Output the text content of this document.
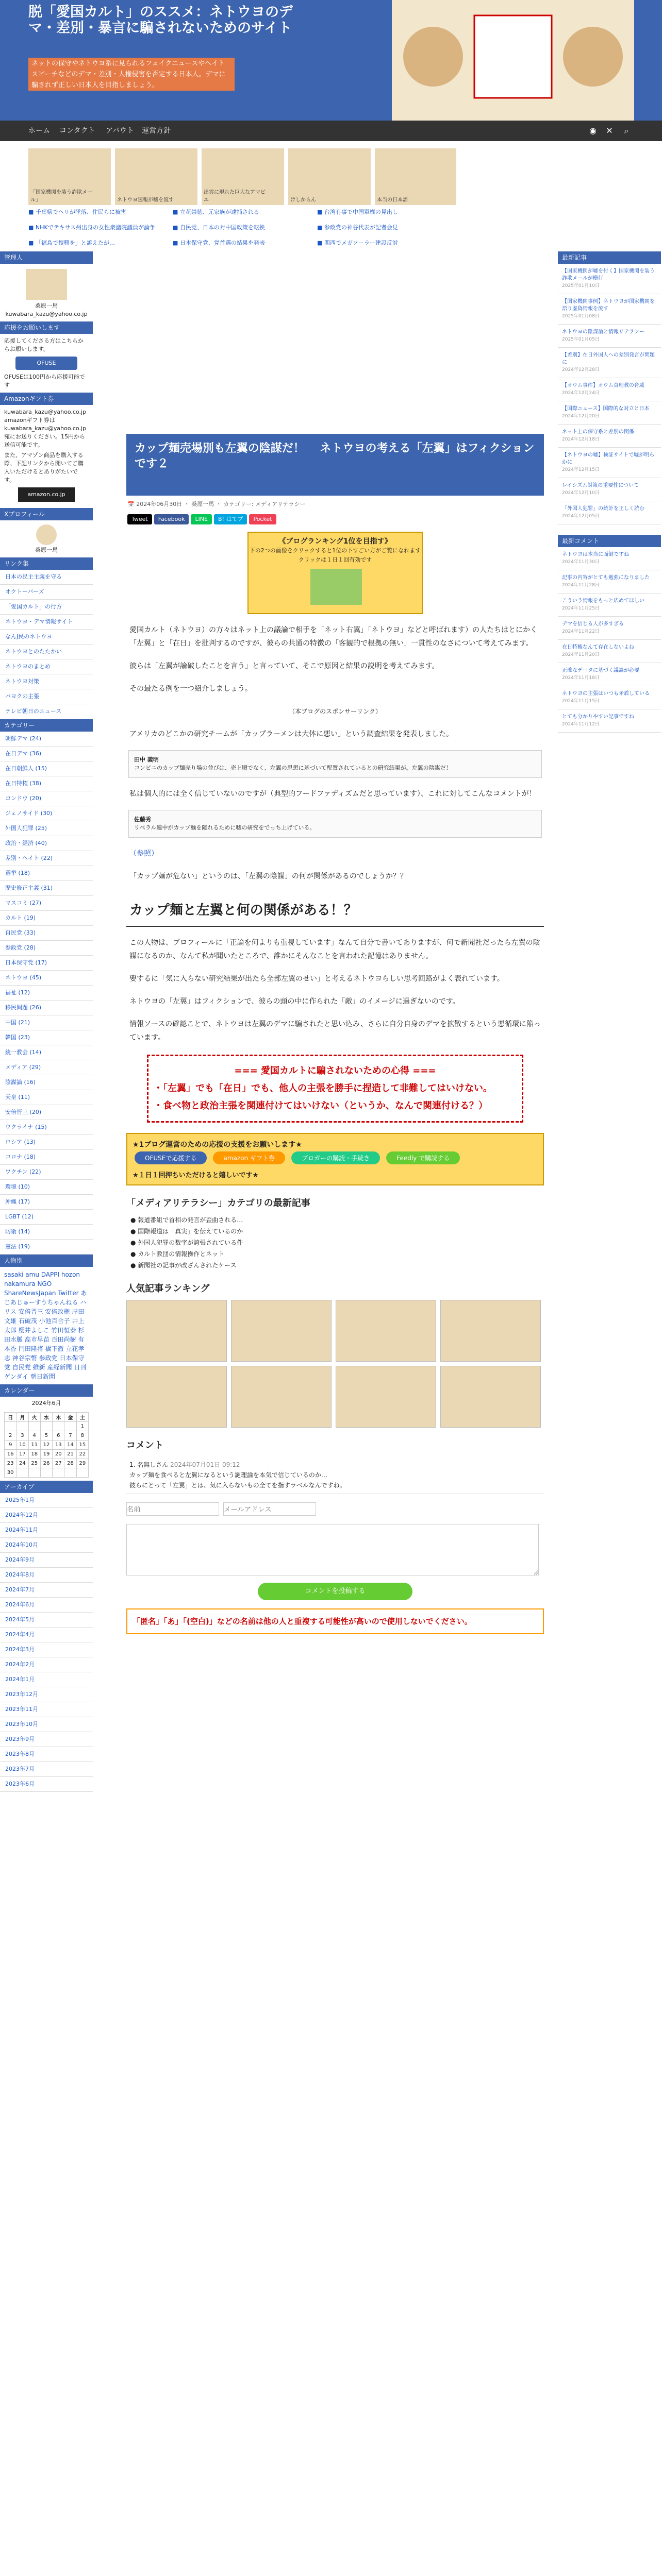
脱「愛国カルト」のススメ：ネトウヨのデマ・差別・暴言に騙されないためのサイト
ネットの保守やネトウヨ系に見られるフェイクニュースやヘイトスピーチなどのデマ・差別・人権侵害を否定する日本人。デマに騙されず正しい日本人を目指しましょう。
ホーム コンタクト アバウト 運営方針	◉ ✕	⌕
「国家機関を装う詐欺メール」	ネトウヨ速報が嘘を流す
出雲に現れた巨大なアマビエ	けしからん	本当の日本語
■ 千葉県でヘリが墜落、住民らに被害	■ 立花崇徳、元家族が逮捕される	■ 台湾有事で中国軍機の見出し
■ NHKでテキサス州出身の女性衆議院議員が論争	■ 自民党、日本の対中国政策を転換	■ 参政党の神谷代表が記者会見
■ 「福島で復興を」と訴えたが…	■ 日本保守党、党首選の結果を発表	■ 関西でメガソーラー建設反対
管理人
桑原一馬
kuwabara_kazu@yahoo.co.jp
応援をお願いします
応援してくださる方はこちらからお願いします。
OFUSE
OFUSEは100円から応援可能です
Amazonギフト券
kuwabara_kazu@yahoo.co.jp
amazonギフト券は kuwabara_kazu@yahoo.co.jp宛にお送りください。15円から送信可能です。
また、アマゾン商品を購入する際、下記リンクから開いてご購入いただけるとありがたいです。
amazon.co.jp
Xプロフィール
桑原一馬
リンク集
日本の民主主義を守る
オクトーバーズ
「愛国カルト」の行方
ネトウヨ・デマ情報サイト
なんJ民のネトウヨ
ネトウヨとのたたかい
ネトウヨのまとめ
ネトウヨ対策
パヨクの主張
テレビ朝日のニュース
カテゴリー
朝鮮デマ (24)
在日デマ (36)
在日朝鮮人 (15)
在日特権 (38)
コンドウ (20)
ジェノサイド (30)
外国人犯罪 (25)
政治・経済 (40)
差別・ヘイト (22)
選挙 (18)
歴史修正主義 (31)
マスコミ (27)
カルト (19)
自民党 (33)
参政党 (28)
日本保守党 (17)
ネトウヨ (45)
福祉 (12)
移民問題 (26)
中国 (21)
韓国 (23)
統一教会 (14)
メディア (29)
陰謀論 (16)
天皇 (11)
安倍晋三 (20)
ウクライナ (15)
ロシア (13)
コロナ (18)
ワクチン (22)
環境 (10)
沖縄 (17)
LGBT (12)
防衛 (14)
憲法 (19)
人物別
sasaki amu DAPPI hozon nakamura NGO ShareNewsJapan Twitter あじあじゅーすうちゃんねる ハリス 安倍晋三 安倍政権 岸田文雄 石破茂 小池百合子 井上太郎 櫻井よしこ 竹田恒泰 杉田水脈 高市早苗 百田尚樹 有本香 門田隆将 橋下徹 立花孝志 神谷宗幣 参政党 日本保守党 自民党 維新 産経新聞 日刊ゲンダイ 朝日新聞
カレンダー
2024年6月
日	月	火	水	木	金	土
						1
2	3	4	5	6	7	8
9	10	11	12	13	14	15
16	17	18	19	20	21	22
23	24	25	26	27	28	29
30						
アーカイブ
2025年1月
2024年12月
2024年11月
2024年10月
2024年9月
2024年8月
2024年7月
2024年6月
2024年5月
2024年4月
2024年3月
2024年2月
2024年1月
2023年12月
2023年11月
2023年10月
2023年9月
2023年8月
2023年7月
2023年6月
カップ麺売場別も左翼の陰謀だ！ 　ネトウヨの考える「左翼」はフィクションです２
📅 2024年06月30日 ・ 桑原一馬 ・ カテゴリー: メディアリテラシー
Tweet	Facebook	LINE	B! はてブ	Pocket
《ブログランキング1位を目指す》
下の2つの画像をクリックすると1位の下すごい方がご覧になれます
クリックは１日１回有効です

愛国カルト（ネトウヨ）の方々はネット上の議論で相手を「ネット右翼」「ネトウヨ」などと呼ばれます）の人たちはとにかく「左翼」と「在日」を批判するのですが、彼らの共通の特徴の「客観的で根拠の無い」一貫性のなさについて考えてみます。

彼らは「左翼が論破したことを言う」と言っていて、そこで原因と結果の説明を考えてみます。

その最たる例を一つ紹介しましょう。

（本ブログのスポンサーリンク）

アメリカのどこかの研究チームが「カップラーメンは大体に悪い」という調査結果を発表しました。

田中 義明
コンビニのカップ麺売り場の並びは、売上順でなく、左翼の思想に基づいて配置されているとの研究結果が。左翼の陰謀だ！

私は個人的には全く信じていないのですが（典型的フードファディズムだと思っています）、これに対してこんなコメントが！

佐藤秀
リベラル連中がカップ麺を陥れるために嘘の研究をでっち上げている。

（参照）

「カップ麺が危ない」というのは、「左翼の陰謀」の何が関係があるのでしょうか？？

カップ麺と左翼と何の関係がある！？

この人物は、プロフィールに「正論を何よりも重視しています」なんて自分で書いてありますが、何で新聞社だったら左翼の陰謀になるのか、なんて私が聞いたところで、誰かにそんなことを言われた記憶はありません。

要するに「気に入らない研究結果が出たら全部左翼のせい」と考えるネトウヨらしい思考回路がよく表れています。

ネトウヨの「左翼」はフィクションで、彼らの頭の中に作られた「敵」のイメージに過ぎないのです。

情報ソースの確認ことで、ネトウヨは左翼のデマに騙されたと思い込み、さらに自分自身のデマを拡散するという悪循環に陥っています。

=== 愛国カルトに騙されないための心得 ===
・「左翼」でも「在日」でも、他人の主張を勝手に捏造して非難してはいけない。
・食べ物と政治主張を関連付けてはいけない（というか、なんで関連付ける？）
★1ブログ運営のための応援の支援をお願いします★
OFUSEで応援する	amazon ギフト券	ブロガーの購読・手続き	Feedly で購読する
★１日１回押ちいただけると嬉しいです★
「メディアリテラシー」カテゴリの最新記事
● 報道番組で首相の発言が歪曲される…
● 国際報道は「真実」を伝えているのか
● 外国人犯罪の数字が誇張されている件
● カルト教団の情報操作とネット
● 新聞社の記事が改ざんされたケース
人気記事ランキング
コメント
1. 名無しさん 2024年07月01日 09:12
カップ麺を食べると左翼になるという謎理論を本気で信じているのか…
彼らにとって「左翼」とは、気に入らないもの全てを指すラベルなんですね。
名前
メールアドレス
コメントを投稿する
「匿名」「あ」「(空白)」などの名前は他の人と重複する可能性が高いので使用しないでください。
最新記事
【国家機関が嘘を付く】国家機関を装う詐欺メールが横行
2025年01月10日
【国家機関事例】ネトウヨが国家機関を語り虚偽情報を流す
2025年01月08日
ネトウヨの陰謀論と情報リテラシー
2025年01月05日
【差別】在日外国人への差別発言が問題に
2024年12月28日
【オウム事件】オウム真理教の脅威
2024年12月24日
【国際ニュース】国際的な対立と日本
2024年12月20日
ネット上の保守系と差別の関係
2024年12月18日
【ネトウヨの嘘】検証サイトで嘘が明らかに
2024年12月15日
レイシズム対策の重要性について
2024年12月10日
「外国人犯罪」の統計を正しく読む
2024年12月05日
最新コメント
ネトウヨは本当に面倒ですね
2024年11月30日
記事の内容がとても勉強になりました
2024年11月28日
こういう情報をもっと広めてほしい
2024年11月25日
デマを信じる人が多すぎる
2024年11月22日
在日特権なんて存在しないよね
2024年11月20日
正確なデータに基づく議論が必要
2024年11月18日
ネトウヨの主張はいつも矛盾している
2024年11月15日
とても分かりやすい記事ですね
2024年11月12日
